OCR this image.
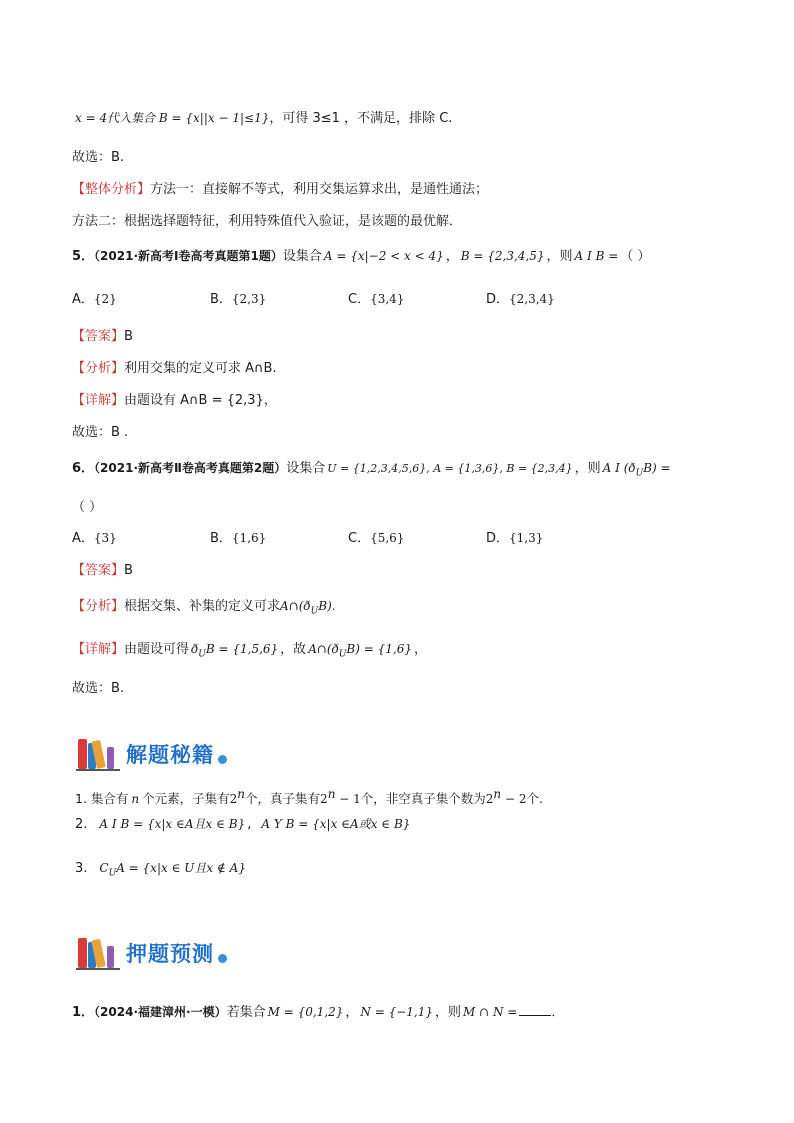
x = 4代入集合 B = {x||x − 1|≤1}，可得 3≤1 ，不满足，排除 C.
故选：B.
【整体分析】方法一：直接解不等式，利用交集运算求出，是通性通法；
方法二：根据选择题特征，利用特殊值代入验证，是该题的最优解．
5．（2021·新高考Ⅰ卷高考真题第1题）设集合 A = {x|−2 < x < 4} ， B = {2,3,4,5} ，则 A I B = （ ）
A．{2}	B．{2,3}	C．{3,4}	D．{2,3,4}
【答案】B
【分析】利用交集的定义可求 A∩B.
【详解】由题设有 A∩B = {2,3}，
故选：B .
6．（2021·新高考Ⅱ卷高考真题第2题）设集合 U = {1,2,3,4,5,6}, A = {1,3,6}, B = {2,3,4} ，则 A I $(ð_UB)$ =
（ ）
A．{3}	B．{1,6}	C．{5,6}	D．{1,3}
【答案】B
【分析】根据交集、补集的定义可求$A\cap(ð_UB)$.
【详解】由题设可得 $ð_UB = \{1,5,6\}$ ，故 $A\cap(ð_UB) = \{1,6\}$ ，
故选：B.
解题秘籍
1. 集合有 n 个元素，子集有2$^n$个，真子集有$2^n - 1$个，非空真子集个数为$2^n - 2$个.
2. A I B = {x|x ∈A且x ∈ B} , A Y B = {x|x ∈A或x ∈ B}
3. $C_UA = \{x|x$ ∈ U且x ∉ A}
押题预测
1．（2024·福建漳州·一模）若集合 M = {0,1,2} ， N = {−1,1} ，则 M ∩ N =	．
